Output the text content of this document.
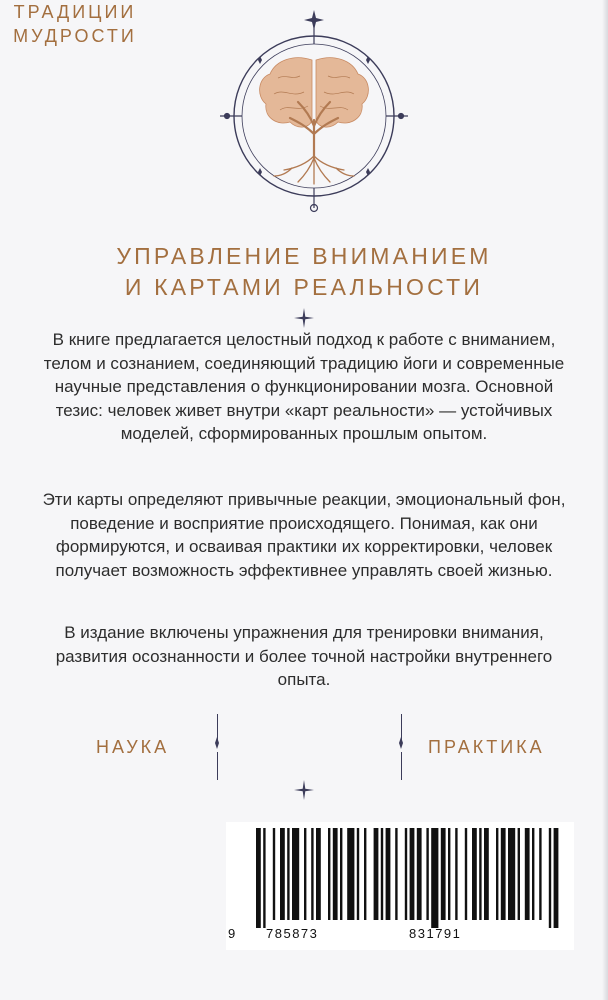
УПРАВЛЕНИЕ ВНИМАНИЕМ
И КАРТАМИ РЕАЛЬНОСТИ

В книге предлагается целостный подход к работе с вниманием, телом и сознанием, соединяющий традицию йоги и современные научные представления о функционировании мозга. Основной тезис: человек живет внутри «карт реальности» — устойчивых моделей, сформированных прошлым опытом.

Эти карты определяют привычные реакции, эмоциональный фон, поведение и восприятие происходящего. Понимая, как они формируются, и осваивая практики их корректировки, человек получает возможность эффективнее управлять своей жизнью.

В издание включены упражнения для тренировки внимания, развития осознанности и более точной настройки внутреннего опыта.

НАУКА

ТРАДИЦИИ

МУДРОСТИ

ПРАКТИКА

9 785873	831791
